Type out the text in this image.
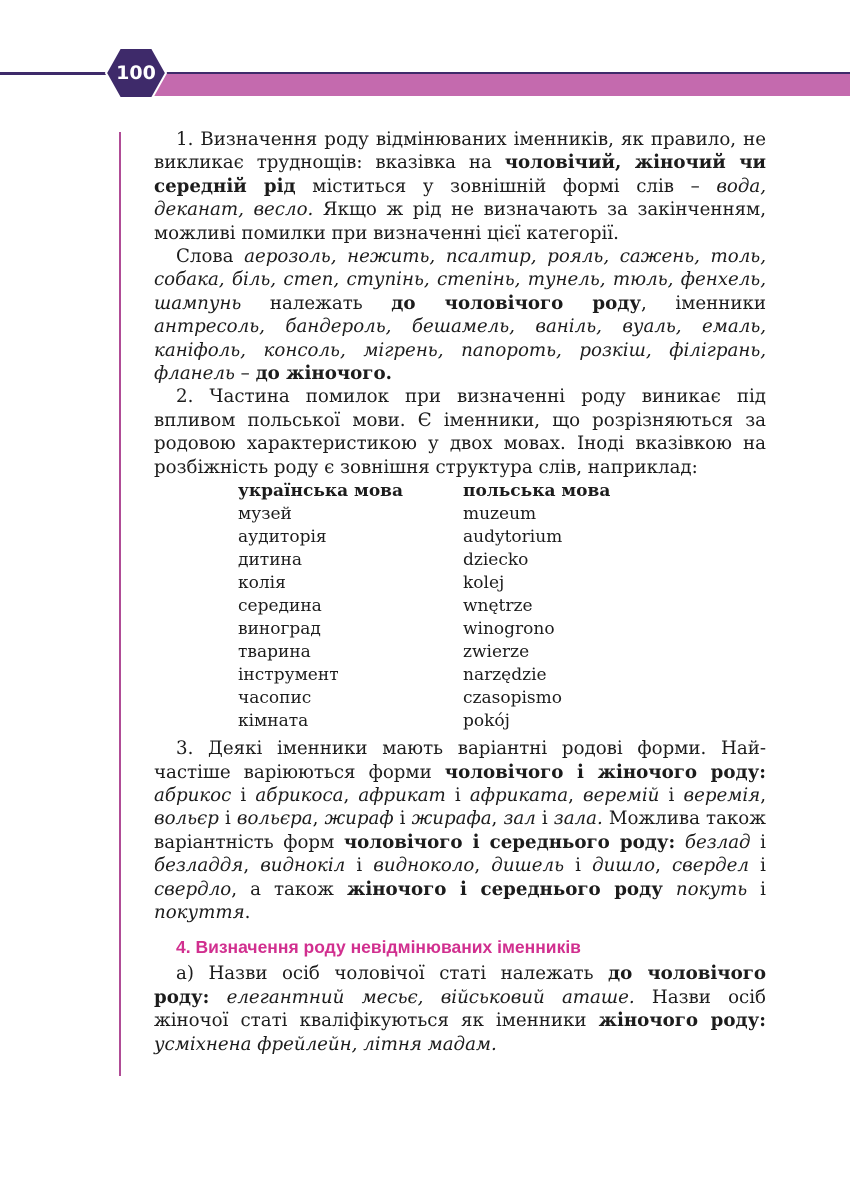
100

1. Визначення роду відмінюваних іменників, як правило, не викликає труднощів: вказівка на чоловічий, жіночий чи середній рід міститься у зовнішній формі слів – вода, деканат, весло. Якщо ж рід не визначають за закінченням, можливі помилки при визначенні цієї категорії.

Слова аерозоль, нежить, псалтир, рояль, сажень, толь, собака, біль, степ, ступінь, степінь, тунель, тюль, фенхель, шампунь належать до чоловічого роду, іменники антресоль, бандероль, бешамель, ваніль, вуаль, емаль, каніфоль, консоль, мігрень, папороть, розкіш, філігрань, фланель – до жіночого.

2. Частина помилок при визначенні роду виникає під впливом польської мови. Є іменники, що розрізняються за родовою характеристикою у двох мовах. Іноді вказівкою на розбіжність роду є зовнішня структура слів, наприклад:

українська мова	польська мова
музей	muzeum
аудиторія	audytorium
дитина	dziecko
колія	kolej
середина	wnętrze
виноград	winogrono
тварина	zwierze
інструмент	narzędzie
часопис	czasopismo
кімната	pokój

3. Деякі іменники мають варіантні родові форми. Найчастіше варіюються форми чоловічого і жіночого роду: абрикос і абрикоса, африкат і африката, веремій і веремія, вольєр і вольєра, жираф і жирафа, зал і зала. Можлива також варіантність форм чоловічого і середнього роду: безлад і безладдя, виднокіл і видноколо, дишель і дишло, свердел і свердло, а також жіночого і середнього роду покуть і покуття.

4. Визначення роду невідмінюваних іменників

а) Назви осіб чоловічої статі належать до чоловічого роду: елегантний месьє, військовий аташе. Назви осіб жіночої статі кваліфікуються як іменники жіночого роду: усміхнена фрейлейн, літня мадам.
